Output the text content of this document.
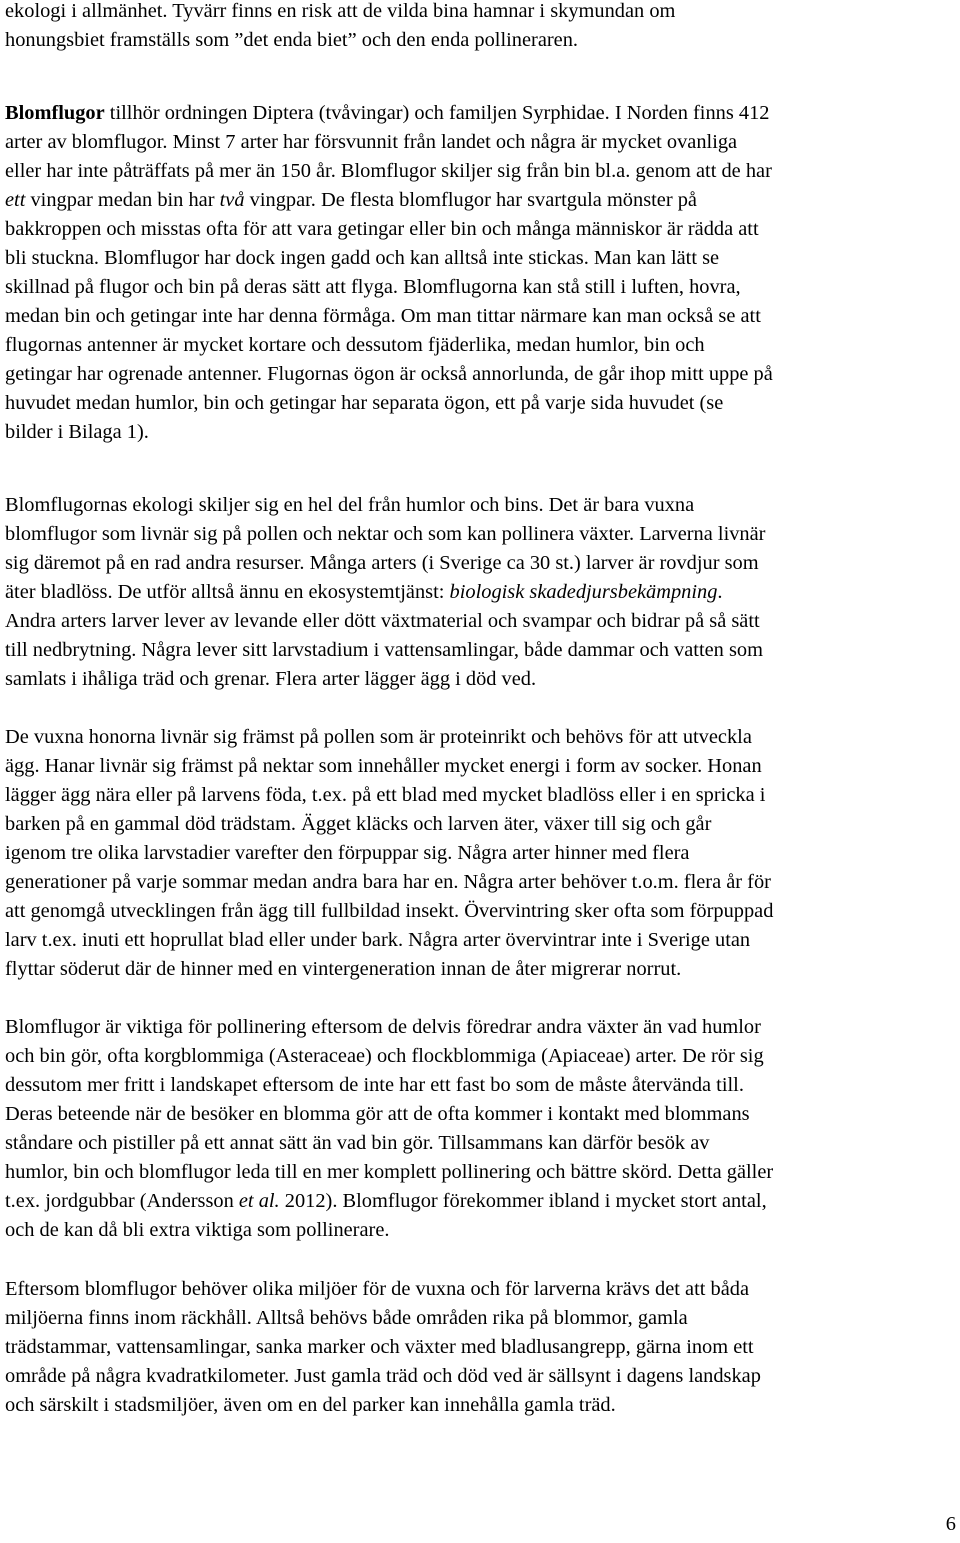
ekologi i allmänhet. Tyvärr finns en risk att de vilda bina hamnar i skymundan om
honungsbiet framställs som ”det enda biet” och den enda pollineraren.
Blomflugor tillhör ordningen Diptera (tvåvingar) och familjen Syrphidae. I Norden finns 412
arter av blomflugor. Minst 7 arter har försvunnit från landet och några är mycket ovanliga
eller har inte påträffats på mer än 150 år. Blomflugor skiljer sig från bin bl.a. genom att de har
ett vingpar medan bin har två vingpar. De flesta blomflugor har svartgula mönster på
bakkroppen och misstas ofta för att vara getingar eller bin och många människor är rädda att
bli stuckna. Blomflugor har dock ingen gadd och kan alltså inte stickas. Man kan lätt se
skillnad på flugor och bin på deras sätt att flyga. Blomflugorna kan stå still i luften, hovra,
medan bin och getingar inte har denna förmåga. Om man tittar närmare kan man också se att
flugornas antenner är mycket kortare och dessutom fjäderlika, medan humlor, bin och
getingar har ogrenade antenner. Flugornas ögon är också annorlunda, de går ihop mitt uppe på
huvudet medan humlor, bin och getingar har separata ögon, ett på varje sida huvudet (se
bilder i Bilaga 1).
Blomflugornas ekologi skiljer sig en hel del från humlor och bins. Det är bara vuxna
blomflugor som livnär sig på pollen och nektar och som kan pollinera växter. Larverna livnär
sig däremot på en rad andra resurser. Många arters (i Sverige ca 30 st.) larver är rovdjur som
äter bladlöss. De utför alltså ännu en ekosystemtjänst: biologisk skadedjursbekämpning.
Andra arters larver lever av levande eller dött växtmaterial och svampar och bidrar på så sätt
till nedbrytning. Några lever sitt larvstadium i vattensamlingar, både dammar och vatten som
samlats i ihåliga träd och grenar. Flera arter lägger ägg i död ved.
De vuxna honorna livnär sig främst på pollen som är proteinrikt och behövs för att utveckla
ägg. Hanar livnär sig främst på nektar som innehåller mycket energi i form av socker. Honan
lägger ägg nära eller på larvens föda, t.ex. på ett blad med mycket bladlöss eller i en spricka i
barken på en gammal död trädstam. Ägget kläcks och larven äter, växer till sig och går
igenom tre olika larvstadier varefter den förpuppar sig. Några arter hinner med flera
generationer på varje sommar medan andra bara har en. Några arter behöver t.o.m. flera år för
att genomgå utvecklingen från ägg till fullbildad insekt. Övervintring sker ofta som förpuppad
larv t.ex. inuti ett hoprullat blad eller under bark. Några arter övervintrar inte i Sverige utan
flyttar söderut där de hinner med en vintergeneration innan de åter migrerar norrut.
Blomflugor är viktiga för pollinering eftersom de delvis föredrar andra växter än vad humlor
och bin gör, ofta korgblommiga (Asteraceae) och flockblommiga (Apiaceae) arter. De rör sig
dessutom mer fritt i landskapet eftersom de inte har ett fast bo som de måste återvända till.
Deras beteende när de besöker en blomma gör att de ofta kommer i kontakt med blommans
ståndare och pistiller på ett annat sätt än vad bin gör. Tillsammans kan därför besök av
humlor, bin och blomflugor leda till en mer komplett pollinering och bättre skörd. Detta gäller
t.ex. jordgubbar (Andersson et al. 2012). Blomflugor förekommer ibland i mycket stort antal,
och de kan då bli extra viktiga som pollinerare.
Eftersom blomflugor behöver olika miljöer för de vuxna och för larverna krävs det att båda
miljöerna finns inom räckhåll. Alltså behövs både områden rika på blommor, gamla
trädstammar, vattensamlingar, sanka marker och växter med bladlusangrepp, gärna inom ett
område på några kvadratkilometer. Just gamla träd och död ved är sällsynt i dagens landskap
och särskilt i stadsmiljöer, även om en del parker kan innehålla gamla träd.
6
